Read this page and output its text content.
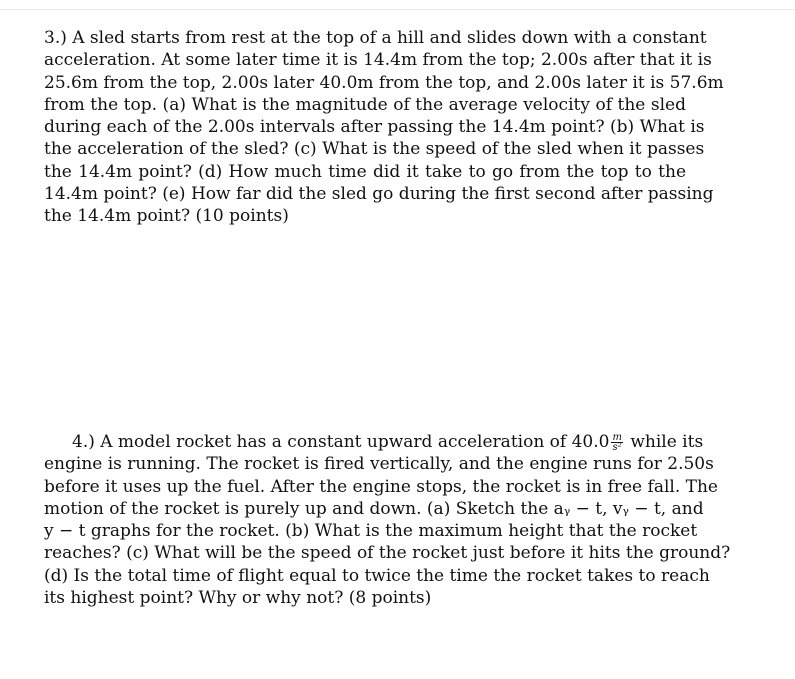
3.) A sled starts from rest at the top of a hill and slides down with a constant
acceleration. At some later time it is 14.4m from the top; 2.00s after that it is
25.6m from the top, 2.00s later 40.0m from the top, and 2.00s later it is 57.6m
from the top. (a) What is the magnitude of the average velocity of the sled
during each of the 2.00s intervals after passing the 14.4m point? (b) What is
the acceleration of the sled? (c) What is the speed of the sled when it passes
the 14.4m point? (d) How much time did it take to go from the top to the
14.4m point? (e) How far did the sled go during the first second after passing
the 14.4m point? (10 points)
4.) A model rocket has a constant upward acceleration of $40.0 \frac{m}{\text{s²}}$ while its
engine is running. The rocket is fired vertically, and the engine runs for 2.50s
before it uses up the fuel. After the engine stops, the rocket is in free fall. The
motion of the rocket is purely up and down. (a) Sketch the aᵧ − t, vᵧ − t, and
y − t graphs for the rocket. (b) What is the maximum height that the rocket
reaches? (c) What will be the speed of the rocket just before it hits the ground?
(d) Is the total time of flight equal to twice the time the rocket takes to reach
its highest point? Why or why not? (8 points)
